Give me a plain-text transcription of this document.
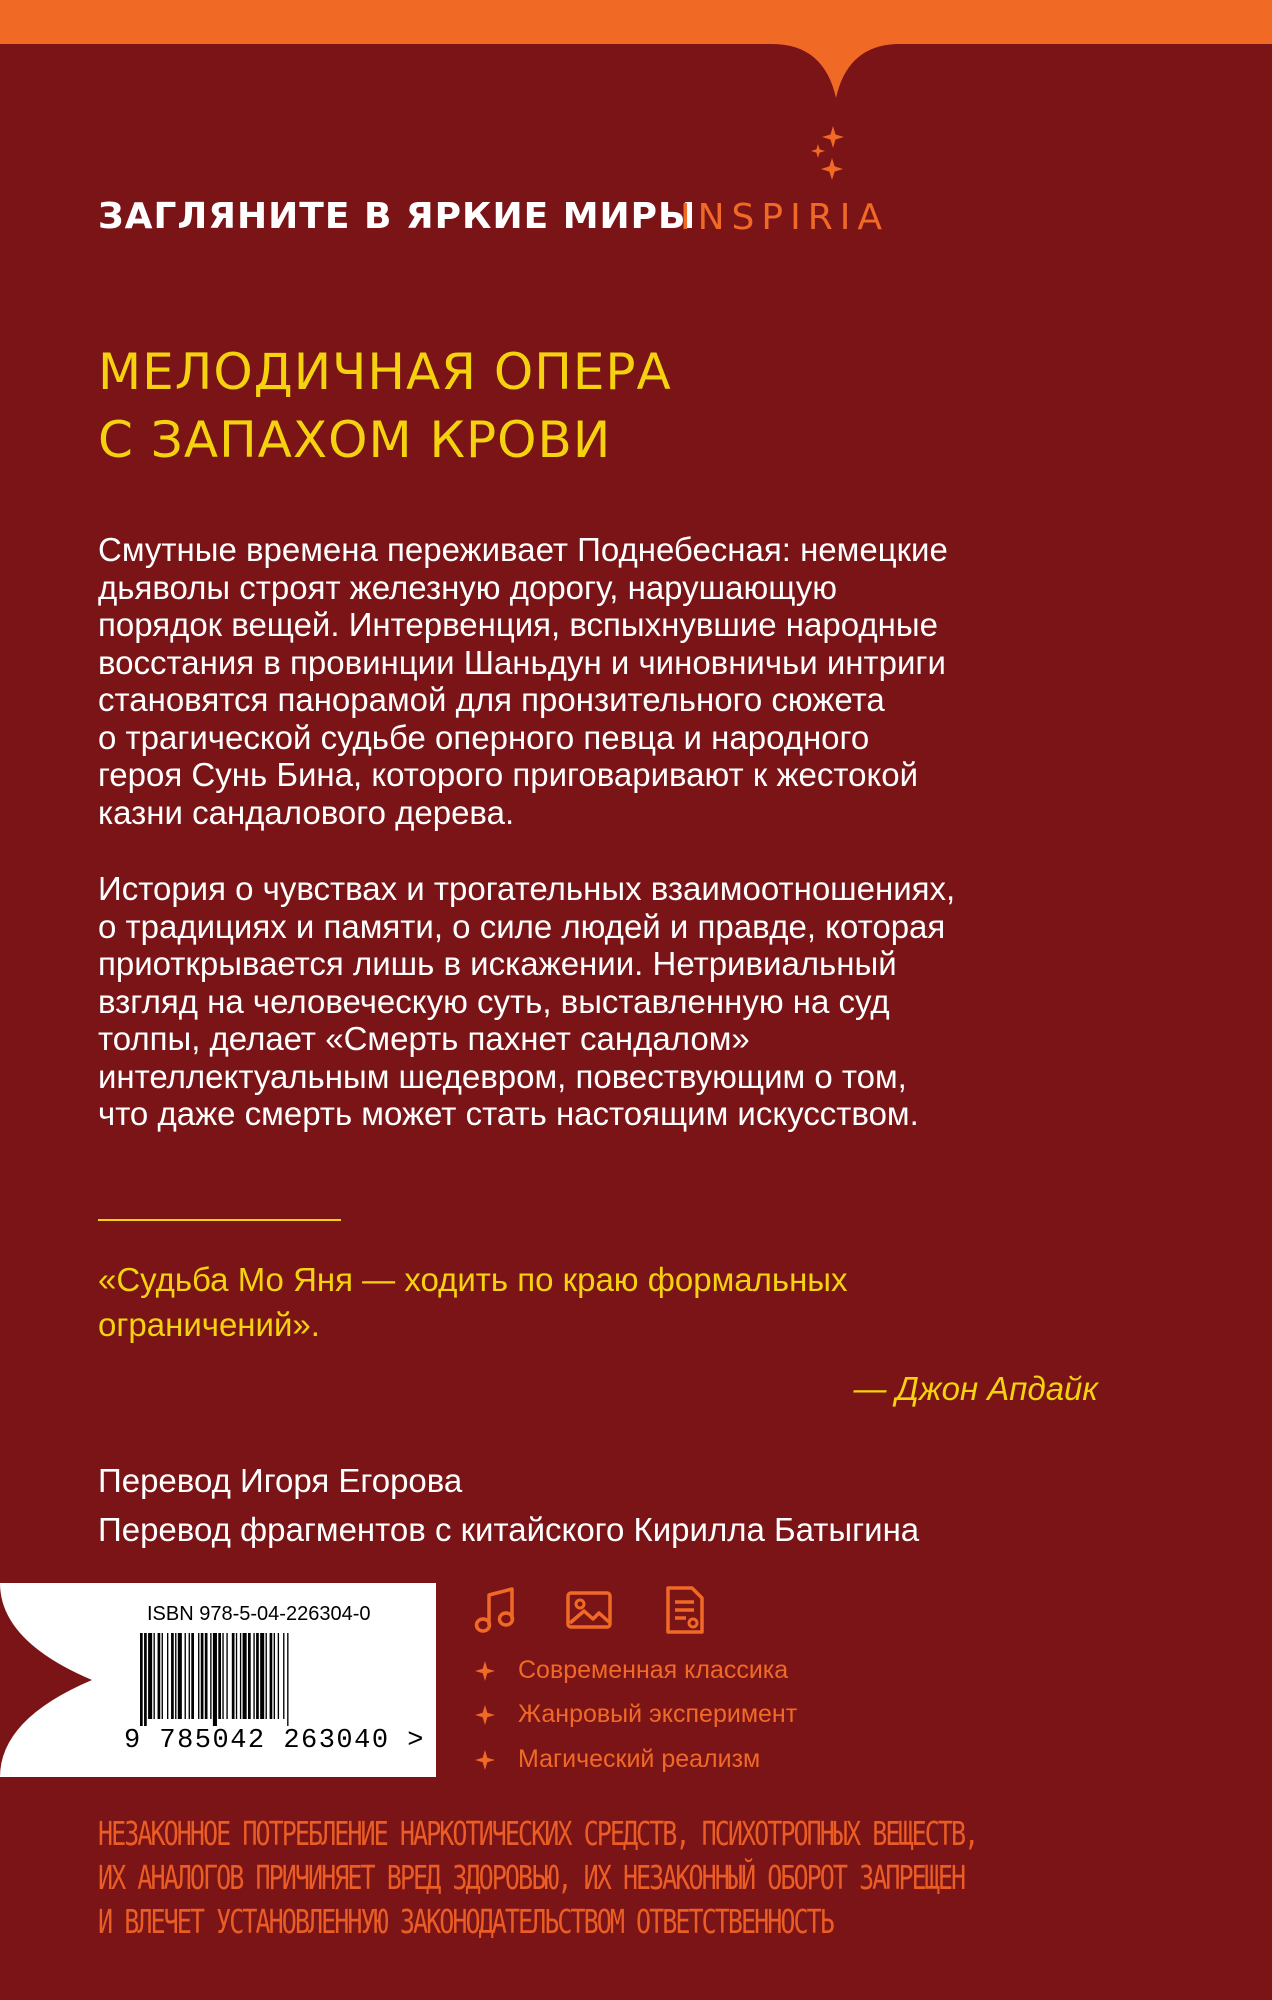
ЗАГЛЯНИТЕ В ЯРКИЕ МИРЫ
INSPIRIA
МЕЛОДИЧНАЯ ОПЕРА
С ЗАПАХОМ КРОВИ
Смутные времена переживает Поднебесная: немецкие
дьяволы строят железную дорогу, нарушающую
порядок вещей. Интервенция, вспыхнувшие народные
восстания в провинции Шаньдун и чиновничьи интриги
становятся панорамой для пронзительного сюжета
о трагической судьбе оперного певца и народного
героя Сунь Бина, которого приговаривают к жестокой
казни сандалового дерева.
История о чувствах и трогательных взаимоотношениях,
о традициях и памяти, о силе людей и правде, которая
приоткрывается лишь в искажении. Нетривиальный
взгляд на человеческую суть, выставленную на суд
толпы, делает «Смерть пахнет сандалом»
интеллектуальным шедевром, повествующим о том,
что даже смерть может стать настоящим искусством.
«Судьба Мо Яня — ходить по краю формальных
ограничений».
— Джон Апдайк
Перевод Игоря Егорова
Перевод фрагментов с китайского Кирилла Батыгина
ISBN 978-5-04-226304-0
9 785042 263040 >
Современная классика
Жанровый эксперимент
Магический реализм
НЕЗАКОННОЕ ПОТРЕБЛЕНИЕ НАРКОТИЧЕСКИХ СРЕДСТВ, ПСИХОТРОПНЫХ ВЕЩЕСТВ,
ИХ АНАЛОГОВ ПРИЧИНЯЕТ ВРЕД ЗДОРОВЬЮ, ИХ НЕЗАКОННЫЙ ОБОРОТ ЗАПРЕЩЕН
И ВЛЕЧЕТ УСТАНОВЛЕННУЮ ЗАКОНОДАТЕЛЬСТВОМ ОТВЕТСТВЕННОСТЬ
